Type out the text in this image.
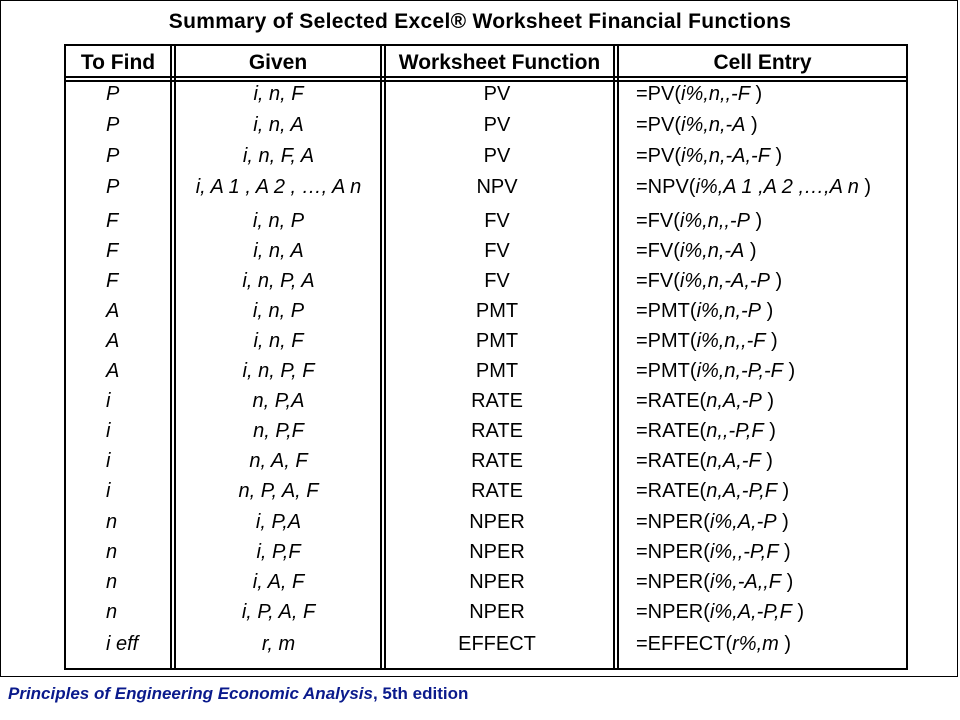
Summary of Selected Excel® Worksheet Financial Functions
To Find	Given	Worksheet Function	Cell Entry
P	i, n, F	PV	=PV(i%,n,,-F )
P	i, n, A	PV	=PV(i%,n,-A )
P	i, n, F, A	PV	=PV(i%,n,-A,-F )
P	i, A 1 , A 2 , …, A n	NPV	=NPV(i%,A 1 ,A 2 ,…,A n )
F	i, n, P	FV	=FV(i%,n,,-P )
F	i, n, A	FV	=FV(i%,n,-A )
F	i, n, P, A	FV	=FV(i%,n,-A,-P )
A	i, n, P	PMT	=PMT(i%,n,-P )
A	i, n, F	PMT	=PMT(i%,n,,-F )
A	i, n, P, F	PMT	=PMT(i%,n,-P,-F )
i	n, P,A	RATE	=RATE(n,A,-P )
i	n, P,F	RATE	=RATE(n,,-P,F )
i	n, A, F	RATE	=RATE(n,A,-F )
i	n, P, A, F	RATE	=RATE(n,A,-P,F )
n	i, P,A	NPER	=NPER(i%,A,-P )
n	i, P,F	NPER	=NPER(i%,,-P,F )
n	i, A, F	NPER	=NPER(i%,-A,,F )
n	i, P, A, F	NPER	=NPER(i%,A,-P,F )
i eff	r, m	EFFECT	=EFFECT(r%,m )
Principles of Engineering Economic Analysis, 5th edition
